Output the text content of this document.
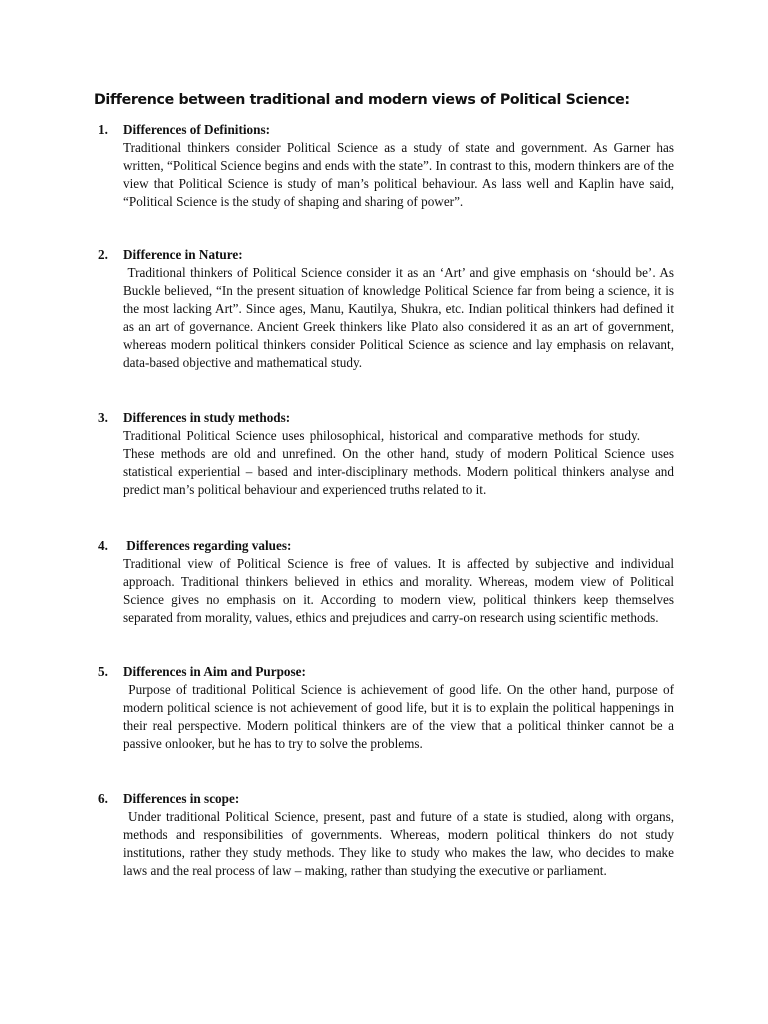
Difference between traditional and modern views of Political Science:
1. Differences of Definitions:

Traditional thinkers consider Political Science as a study of state and government. As Garner has written, “Political Science begins and ends with the state”. In contrast to this, modern thinkers are of the view that Political Science is study of man’s political behaviour. As lass well and Kaplin have said, “Political Science is the study of shaping and sharing of power”.

2. Difference in Nature:

Traditional thinkers of Political Science consider it as an ‘Art’ and give emphasis on ‘should be’. As Buckle believed, “In the present situation of knowledge Political Science far from being a science, it is the most lacking Art”. Since ages, Manu, Kautilya, Shukra, etc. Indian political thinkers had defined it as an art of governance. Ancient Greek thinkers like Plato also considered it as an art of government, whereas modern political thinkers consider Political Science as science and lay emphasis on relavant, data-based objective and mathematical study.

3. Differences in study methods:

Traditional Political Science uses philosophical, historical and comparative methods for study.These methods are old and unrefined. On the other hand, study of modern Political Science uses statistical experiential – based and inter-disciplinary methods. Modern political thinkers analyse and predict man’s political behaviour and experienced truths related to it.

4. Differences regarding values:

Traditional view of Political Science is free of values. It is affected by subjective and individual approach. Traditional thinkers believed in ethics and morality. Whereas, modem view of Political Science gives no emphasis on it. According to modern view, political thinkers keep themselves separated from morality, values, ethics and prejudices and carry-on research using scientific methods.

5. Differences in Aim and Purpose:

Purpose of traditional Political Science is achievement of good life. On the other hand, purpose of modern political science is not achievement of good life, but it is to explain the political happenings in their real perspective. Modern political thinkers are of the view that a political thinker cannot be a passive onlooker, but he has to try to solve the problems.

6. Differences in scope:

Under traditional Political Science, present, past and future of a state is studied, along with organs, methods and responsibilities of governments. Whereas, modern political thinkers do not study institutions, rather they study methods. They like to study who makes the law, who decides to make laws and the real process of law – making, rather than studying the executive or parliament.
